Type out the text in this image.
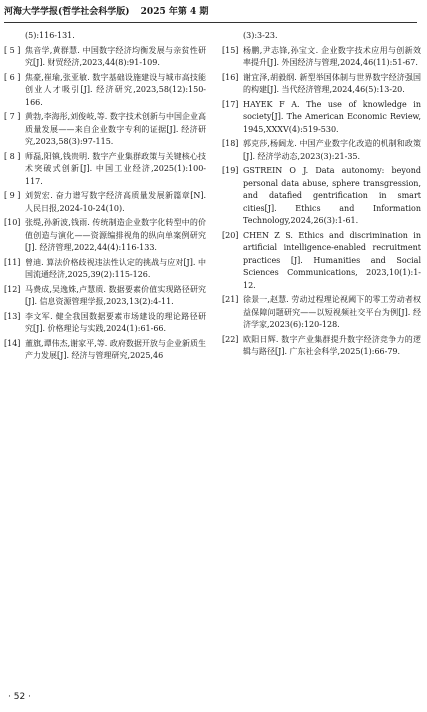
河海大学学报(哲学社会科学版) 2025 年第 4 期
(5):116-131.
[ 5 ] 焦音学,黄群慧. 中国数字经济均衡发展与亲贫性研究[J]. 财贸经济,2023,44(8):91-109.
[ 6 ] 焦豪,崔瑜,张亚敏. 数字基础设施建设与城市高技能创业人才吸引[J]. 经济研究,2023,58(12):150-166.
[ 7 ] 黄勃,李海彤,刘俊岐,等. 数字技术创新与中国企业高质量发展——来自企业数字专利的证据[J]. 经济研究,2023,58(3):97-115.
[ 8 ] 师磊,阳镇,钱贵明. 数字产业集群政策与关键核心技术突破式创新[J]. 中国工业经济,2025(1):100-117.
[ 9 ] 刘贺宏. 奋力谱写数字经济高质量发展新篇章[N]. 人民日报,2024-10-24(10).
[10] 张缇,孙新波,钱雨. 传统制造企业数字化转型中的价值创造与演化——资源编排视角的纵向单案例研究[J]. 经济管理,2022,44(4):116-133.
[11] 曾迪. 算法价格歧视违法性认定的挑战与应对[J]. 中国流通经济,2025,39(2):115-126.
[12] 马费成,吴逸姝,卢慧质. 数据要素价值实现路径研究[J]. 信息资源管理学报,2023,13(2):4-11.
[13] 李文军. 健全我国数据要素市场建设的理论路径研究[J]. 价格理论与实践,2024(1):61-66.
[14] 董旗,谭伟杰,谢家平,等. 政府数据开放与企业新质生产力发展[J]. 经济与管理研究,2025,46
(3):3-23.
[15] 杨鹏,尹志锋,孙宝文. 企业数字技术应用与创新效率提升[J]. 外国经济与管理,2024,46(11):51-67.
[16] 谢宜泽,胡毅纲. 新型举国体制与世界数字经济强国的构建[J]. 当代经济管理,2024,46(5):13-20.
[17] HAYEK F A. The use of knowledge in society[J]. The American Economic Review, 1945,XXXV(4):519-530.
[18] 郭克莎,杨阔龙. 中国产业数字化改造的机制和政策[J]. 经济学动态,2023(3):21-35.
[19] GSTREIN O J. Data autonomy: beyond personal data abuse, sphere transgression, and datafied gentrification in smart cities[J]. Ethics and Information Technology,2024,26(3):1-61.
[20] CHEN Z S. Ethics and discrimination in artificial intelligence-enabled recruitment practices [J]. Humanities and Social Sciences Communications, 2023,10(1):1-12.
[21] 徐景一,赵慧. 劳动过程理论视阈下的零工劳动者权益保障问题研究——以短视频社交平台为例[J]. 经济学家,2023(6):120-128.
[22] 欧阳日辉. 数字产业集群提升数字经济竞争力的逻辑与路径[J]. 广东社会科学,2025(1):66-79.
· 52 ·
